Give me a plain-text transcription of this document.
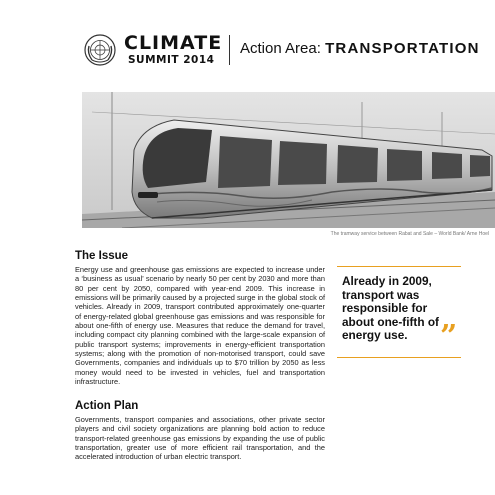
CLIMATE
SUMMIT 2014
Action Area: TRANSPORTATION
The tramway service between Rabat and Sale – World Bank/ Arne Hoel
The Issue
Energy use and greenhouse gas emissions are expected to increase under a ‘business as usual’ scenario by nearly 50 per cent by 2030 and more than 80 per cent by 2050, compared with year-end 2009. This increase in emissions will be primarily caused by a projected surge in the global stock of vehicles. Already in 2009, transport contributed approximately one-quarter of energy-related global greenhouse gas emissions and was responsible for about one-fifth of energy use. Measures that reduce the demand for travel, including compact city planning combined with the large-scale expansion of public transport systems; improvements in energy-efficient transportation systems; along with the promotion of non-motorised transport, could save Governments, companies and individuals up to $70 trillion by 2050 as less money would need to be invested in vehicles, fuel and transportation infrastructure.
Already in 2009, transport was responsible for about one-fifth of energy use.	”
Action Plan
Governments, transport companies and associations, other private sector players and civil society organizations are planning bold action to reduce transport-related greenhouse gas emissions by expanding the use of public transportation, greater use of more efficient rail transportation, and the accelerated introduction of urban electric transport.
